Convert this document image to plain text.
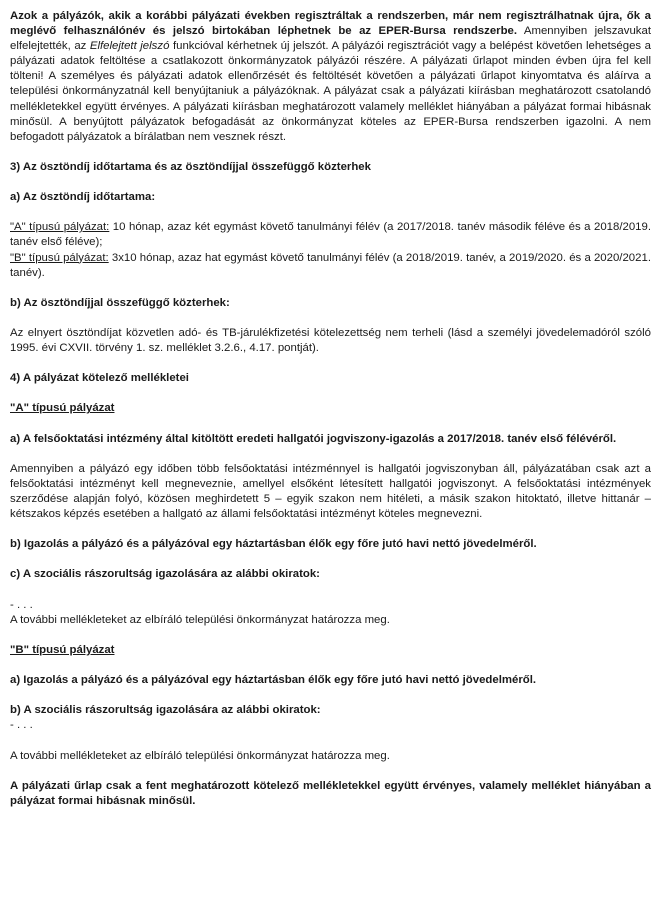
Azok a pályázók, akik a korábbi pályázati években regisztráltak a rendszerben, már nem regisztrálhatnak újra, ők a meglévő felhasználónév és jelszó birtokában léphetnek be az EPER-Bursa rendszerbe. Amennyiben jelszavukat elfelejtették, az Elfelejtett jelszó funkcióval kérhetnek új jelszót. A pályázói regisztrációt vagy a belépést követően lehetséges a pályázati adatok feltöltése a csatlakozott önkormányzatok pályázói részére. A pályázati űrlapot minden évben újra fel kell tölteni! A személyes és pályázati adatok ellenőrzését és feltöltését követően a pályázati űrlapot kinyomtatva és aláírva a települési önkormányzatnál kell benyújtaniuk a pályázóknak. A pályázat csak a pályázati kiírásban meghatározott csatolandó mellékletekkel együtt érvényes. A pályázati kiírásban meghatározott valamely melléklet hiányában a pályázat formai hibásnak minősül. A benyújtott pályázatok befogadását az önkormányzat köteles az EPER-Bursa rendszerben igazolni. A nem befogadott pályázatok a bírálatban nem vesznek részt.

3) Az ösztöndíj időtartama és az ösztöndíjjal összefüggő közterhek

a) Az ösztöndíj időtartama:

"A" típusú pályázat: 10 hónap, azaz két egymást követő tanulmányi félév (a 2017/2018. tanév második féléve és a 2018/2019. tanév első féléve);

"B" típusú pályázat: 3x10 hónap, azaz hat egymást követő tanulmányi félév (a 2018/2019. tanév, a 2019/2020. és a 2020/2021. tanév).

b) Az ösztöndíjjal összefüggő közterhek:

Az elnyert ösztöndíjat közvetlen adó- és TB-járulékfizetési kötelezettség nem terheli (lásd a személyi jövedelemadóról szóló 1995. évi CXVII. törvény 1. sz. melléklet 3.2.6., 4.17. pontját).

4) A pályázat kötelező mellékletei

"A" típusú pályázat

a) A felsőoktatási intézmény által kitöltött eredeti hallgatói jogviszony-igazolás a 2017/2018. tanév első félévéről.

Amennyiben a pályázó egy időben több felsőoktatási intézménnyel is hallgatói jogviszonyban áll, pályázatában csak azt a felsőoktatási intézményt kell megneveznie, amellyel elsőként létesített hallgatói jogviszonyt. A felsőoktatási intézmények szerződése alapján folyó, közösen meghirdetett 5 – egyik szakon nem hitéleti, a másik szakon hitoktató, illetve hittanár – kétszakos képzés esetében a hallgató az állami felsőoktatási intézményt köteles megnevezni.

b) Igazolás a pályázó és a pályázóval egy háztartásban élők egy főre jutó havi nettó jövedelméről.

c) A szociális rászorultság igazolására az alábbi okiratok:

- . . .

A további mellékleteket az elbíráló települési önkormányzat határozza meg.

"B" típusú pályázat

a) Igazolás a pályázó és a pályázóval egy háztartásban élők egy főre jutó havi nettó jövedelméről.

b) A szociális rászorultság igazolására az alábbi okiratok:

- . . .

A további mellékleteket az elbíráló települési önkormányzat határozza meg.

A pályázati űrlap csak a fent meghatározott kötelező mellékletekkel együtt érvényes, valamely melléklet hiányában a pályázat formai hibásnak minősül.
